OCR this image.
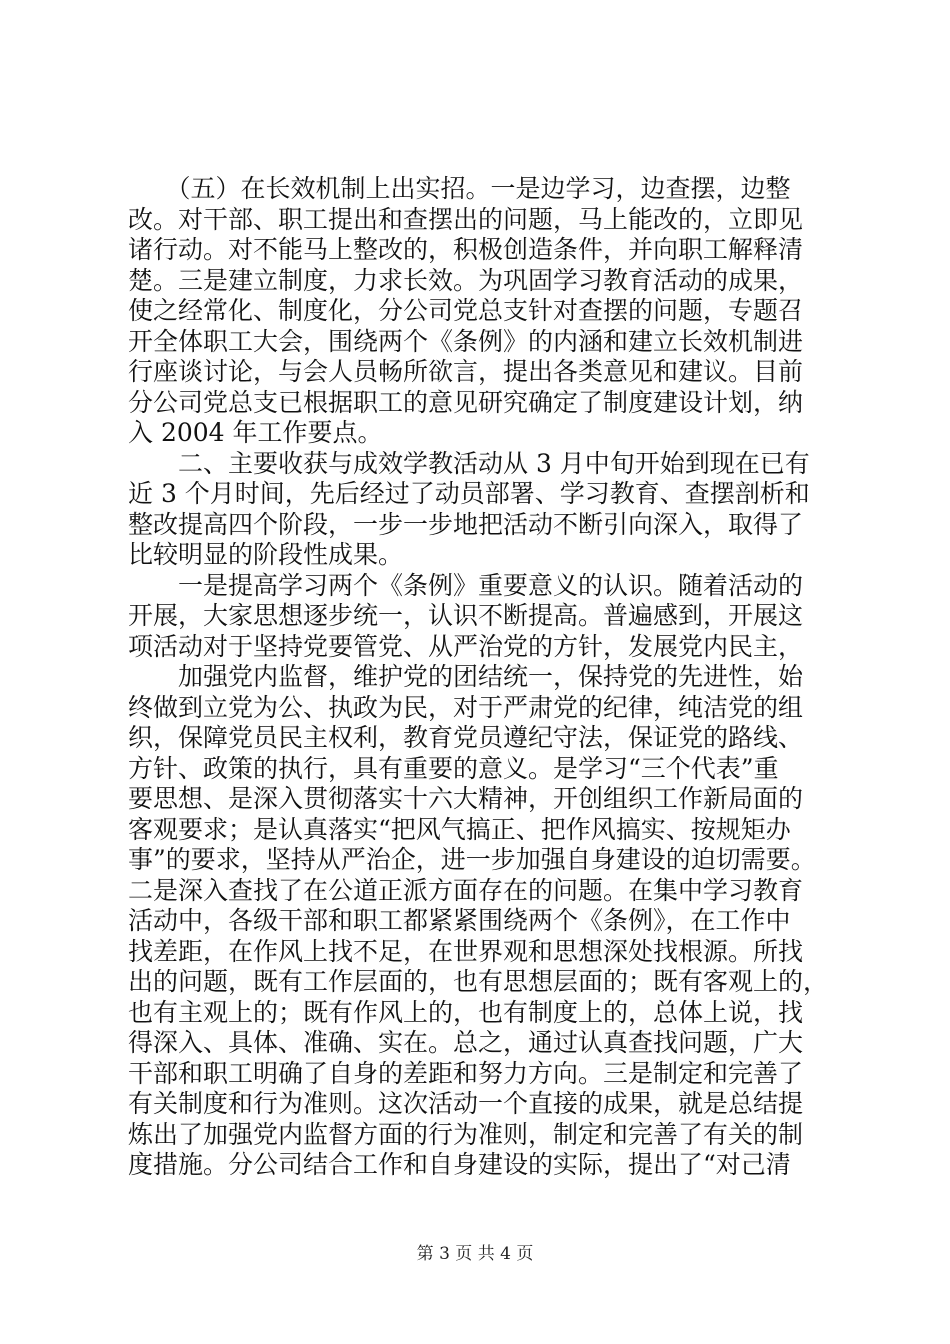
　　（五）在长效机制上出实招。一是边学习，边查摆，边整
改。对干部、职工提出和查摆出的问题，马上能改的，立即见
诸行动。对不能马上整改的，积极创造条件，并向职工解释清
楚。三是建立制度，力求长效。为巩固学习教育活动的成果，
使之经常化、制度化，分公司党总支针对查摆的问题，专题召
开全体职工大会，围绕两个《条例》的内涵和建立长效机制进
行座谈讨论，与会人员畅所欲言，提出各类意见和建议。目前
分公司党总支已根据职工的意见研究确定了制度建设计划，纳
入 2004 年工作要点。
　　二、主要收获与成效学教活动从 3 月中旬开始到现在已有
近 3 个月时间，先后经过了动员部署、学习教育、查摆剖析和
整改提高四个阶段，一步一步地把活动不断引向深入，取得了
比较明显的阶段性成果。
　　一是提高学习两个《条例》重要意义的认识。随着活动的
开展，大家思想逐步统一，认识不断提高。普遍感到，开展这
项活动对于坚持党要管党、从严治党的方针，发展党内民主，
　　加强党内监督，维护党的团结统一，保持党的先进性，始
终做到立党为公、执政为民，对于严肃党的纪律，纯洁党的组
织，保障党员民主权利，教育党员遵纪守法，保证党的路线、
方针、政策的执行，具有重要的意义。是学习“三个代表”重
要思想、是深入贯彻落实十六大精神，开创组织工作新局面的
客观要求；是认真落实“把风气搞正、把作风搞实、按规矩办
事”的要求，坚持从严治企，进一步加强自身建设的迫切需要。
二是深入查找了在公道正派方面存在的问题。在集中学习教育
活动中，各级干部和职工都紧紧围绕两个《条例》，在工作中
找差距，在作风上找不足，在世界观和思想深处找根源。所找
出的问题，既有工作层面的，也有思想层面的；既有客观上的，
也有主观上的；既有作风上的，也有制度上的，总体上说，找
得深入、具体、准确、实在。总之，通过认真查找问题，广大
干部和职工明确了自身的差距和努力方向。三是制定和完善了
有关制度和行为准则。这次活动一个直接的成果，就是总结提
炼出了加强党内监督方面的行为准则，制定和完善了有关的制
度措施。分公司结合工作和自身建设的实际，提出了“对己清
第 3 页 共 4 页
